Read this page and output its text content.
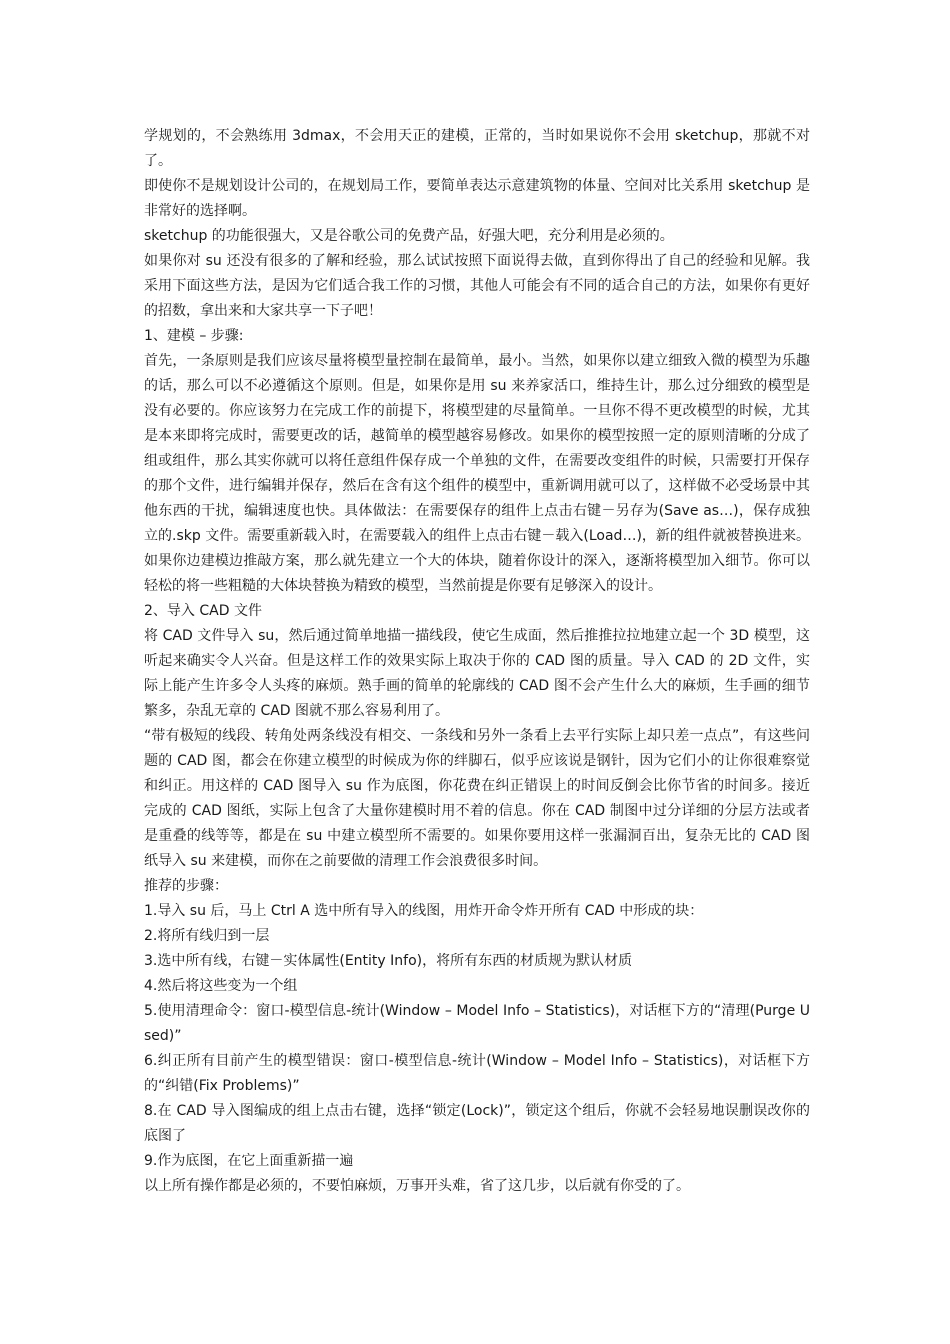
学规划的，不会熟练用 3dmax，不会用天正的建模，正常的，当时如果说你不会用 sketchup，那就不对了。

即使你不是规划设计公司的，在规划局工作，要简单表达示意建筑物的体量、空间对比关系用 sketchup 是非常好的选择啊。

sketchup 的功能很强大，又是谷歌公司的免费产品，好强大吧，充分利用是必须的。

如果你对 su 还没有很多的了解和经验，那么试试按照下面说得去做，直到你得出了自己的经验和见解。我采用下面这些方法，是因为它们适合我工作的习惯，其他人可能会有不同的适合自己的方法，如果你有更好的招数，拿出来和大家共享一下子吧！

1、建模 – 步骤:

首先，一条原则是我们应该尽量将模型量控制在最简单，最小。当然，如果你以建立细致入微的模型为乐趣的话，那么可以不必遵循这个原则。但是，如果你是用 su 来养家活口，维持生计，那么过分细致的模型是没有必要的。你应该努力在完成工作的前提下，将模型建的尽量简单。一旦你不得不更改模型的时候，尤其是本来即将完成时，需要更改的话，越简单的模型越容易修改。如果你的模型按照一定的原则清晰的分成了组或组件，那么其实你就可以将任意组件保存成一个单独的文件，在需要改变组件的时候，只需要打开保存的那个文件，进行编辑并保存，然后在含有这个组件的模型中，重新调用就可以了，这样做不必受场景中其他东西的干扰，编辑速度也快。具体做法：在需要保存的组件上点击右键－另存为(Save as…)，保存成独立的.skp 文件。需要重新载入时，在需要载入的组件上点击右键－载入(Load…)，新的组件就被替换进来。如果你边建模边推敲方案，那么就先建立一个大的体块，随着你设计的深入，逐渐将模型加入细节。你可以轻松的将一些粗糙的大体块替换为精致的模型，当然前提是你要有足够深入的设计。

2、导入 CAD 文件

将 CAD 文件导入 su，然后通过简单地描一描线段，使它生成面，然后推推拉拉地建立起一个 3D 模型，这听起来确实令人兴奋。但是这样工作的效果实际上取决于你的 CAD 图的质量。导入 CAD 的 2D 文件，实际上能产生许多令人头疼的麻烦。熟手画的简单的轮廓线的 CAD 图不会产生什么大的麻烦，生手画的细节繁多，杂乱无章的 CAD 图就不那么容易利用了。

“带有极短的线段、转角处两条线没有相交、一条线和另外一条看上去平行实际上却只差一点点”，有这些问题的 CAD 图，都会在你建立模型的时候成为你的绊脚石，似乎应该说是钢针，因为它们小的让你很难察觉和纠正。用这样的 CAD 图导入 su 作为底图，你花费在纠正错误上的时间反倒会比你节省的时间多。接近完成的 CAD 图纸，实际上包含了大量你建模时用不着的信息。你在 CAD 制图中过分详细的分层方法或者是重叠的线等等，都是在 su 中建立模型所不需要的。如果你要用这样一张漏洞百出，复杂无比的 CAD 图纸导入 su 来建模，而你在之前要做的清理工作会浪费很多时间。

推荐的步骤：

1.导入 su 后，马上 Ctrl A 选中所有导入的线图，用炸开命令炸开所有 CAD 中形成的块：

2.将所有线归到一层

3.选中所有线，右键－实体属性(Entity Info)，将所有东西的材质规为默认材质

4.然后将这些变为一个组

5.使用清理命令：窗口-模型信息-统计(Window – Model Info – Statistics)，对话框下方的“清理(Purge Used)”

6.纠正所有目前产生的模型错误：窗口-模型信息-统计(Window – Model Info – Statistics)，对话框下方的“纠错(Fix Problems)”

8.在 CAD 导入图编成的组上点击右键，选择“锁定(Lock)”，锁定这个组后，你就不会轻易地误删误改你的底图了

9.作为底图，在它上面重新描一遍

以上所有操作都是必须的，不要怕麻烦，万事开头难，省了这几步，以后就有你受的了。
